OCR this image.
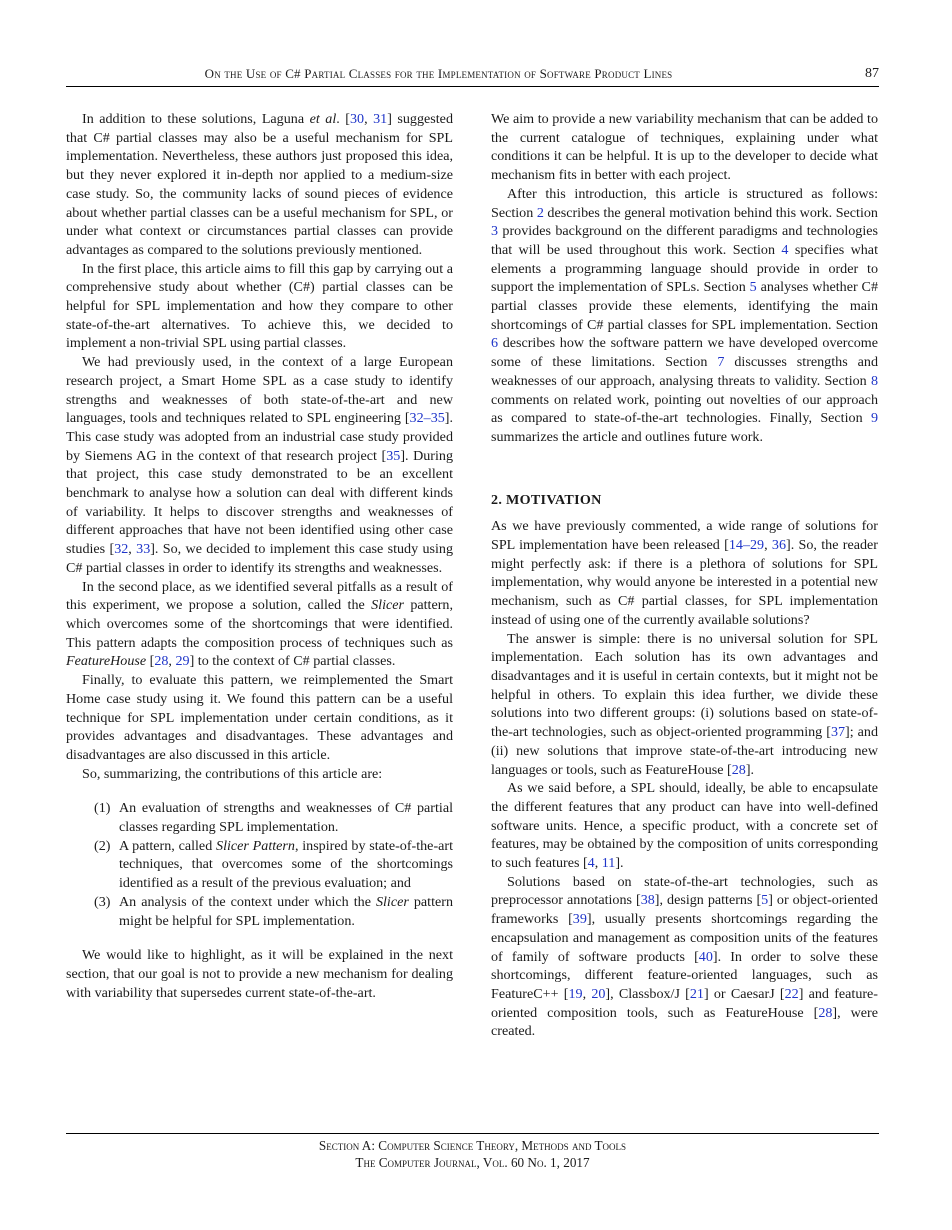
On the Use of C# Partial Classes for the Implementation of Software Product Lines	87

In addition to these solutions, Laguna et al. [30, 31] suggested that C# partial classes may also be a useful mechanism for SPL implementation. Nevertheless, these authors just proposed this idea, but they never explored it in-depth nor applied to a medium-size case study. So, the community lacks of sound pieces of evidence about whether partial classes can be a useful mechanism for SPL, or under what context or circumstances partial classes can provide advantages as compared to the solutions previously mentioned.

In the first place, this article aims to fill this gap by carrying out a comprehensive study about whether (C#) partial classes can be helpful for SPL implementation and how they compare to other state-of-the-art alternatives. To achieve this, we decided to implement a non-trivial SPL using partial classes.

We had previously used, in the context of a large European research project, a Smart Home SPL as a case study to identify strengths and weaknesses of both state-of-the-art and new languages, tools and techniques related to SPL engineering [32–35]. This case study was adopted from an industrial case study provided by Siemens AG in the context of that research project [35]. During that project, this case study demonstrated to be an excellent benchmark to analyse how a solution can deal with different kinds of variability. It helps to discover strengths and weaknesses of different approaches that have not been identified using other case studies [32, 33]. So, we decided to implement this case study using C# partial classes in order to identify its strengths and weaknesses.

In the second place, as we identified several pitfalls as a result of this experiment, we propose a solution, called the Slicer pattern, which overcomes some of the shortcomings that were identified. This pattern adapts the composition process of techniques such as FeatureHouse [28, 29] to the context of C# partial classes.

Finally, to evaluate this pattern, we reimplemented the Smart Home case study using it. We found this pattern can be a useful technique for SPL implementation under certain conditions, as it provides advantages and disadvantages. These advantages and disadvantages are also discussed in this article.

So, summarizing, the contributions of this article are:

(1) An evaluation of strengths and weaknesses of C# partial classes regarding SPL implementation.
(2) A pattern, called Slicer Pattern, inspired by state-of-the-art techniques, that overcomes some of the shortcomings identified as a result of the previous evaluation; and
(3) An analysis of the context under which the Slicer pattern might be helpful for SPL implementation.

We would like to highlight, as it will be explained in the next section, that our goal is not to provide a new mechanism for dealing with variability that supersedes current state-of-the-art.

We aim to provide a new variability mechanism that can be added to the current catalogue of techniques, explaining under what conditions it can be helpful. It is up to the developer to decide what mechanism fits in better with each project.

After this introduction, this article is structured as follows: Section 2 describes the general motivation behind this work. Section 3 provides background on the different paradigms and technologies that will be used throughout this work. Section 4 specifies what elements a programming language should provide in order to support the implementation of SPLs. Section 5 analyses whether C# partial classes provide these elements, identifying the main shortcomings of C# partial classes for SPL implementation. Section 6 describes how the software pattern we have developed overcome some of these limitations. Section 7 discusses strengths and weaknesses of our approach, analysing threats to validity. Section 8 comments on related work, pointing out novelties of our approach as compared to state-of-the-art technologies. Finally, Section 9 summarizes the article and outlines future work.

2. MOTIVATION

As we have previously commented, a wide range of solutions for SPL implementation have been released [14–29, 36]. So, the reader might perfectly ask: if there is a plethora of solutions for SPL implementation, why would anyone be interested in a potential new mechanism, such as C# partial classes, for SPL implementation instead of using one of the currently available solutions?

The answer is simple: there is no universal solution for SPL implementation. Each solution has its own advantages and disadvantages and it is useful in certain contexts, but it might not be helpful in others. To explain this idea further, we divide these solutions into two different groups: (i) solutions based on state-of-the-art technologies, such as object-oriented programming [37]; and (ii) new solutions that improve state-of-the-art introducing new languages or tools, such as FeatureHouse [28].

As we said before, a SPL should, ideally, be able to encapsulate the different features that any product can have into well-defined software units. Hence, a specific product, with a concrete set of features, may be obtained by the composition of units corresponding to such features [4, 11].

Solutions based on state-of-the-art technologies, such as preprocessor annotations [38], design patterns [5] or object-oriented frameworks [39], usually presents shortcomings regarding the encapsulation and management as composition units of the features of family of software products [40]. In order to solve these shortcomings, different feature-oriented languages, such as FeatureC++ [19, 20], Classbox/J [21] or CaesarJ [22] and feature-oriented composition tools, such as FeatureHouse [28], were created.

Section A: Computer Science Theory, Methods and Tools
The Computer Journal, Vol. 60 No. 1, 2017
